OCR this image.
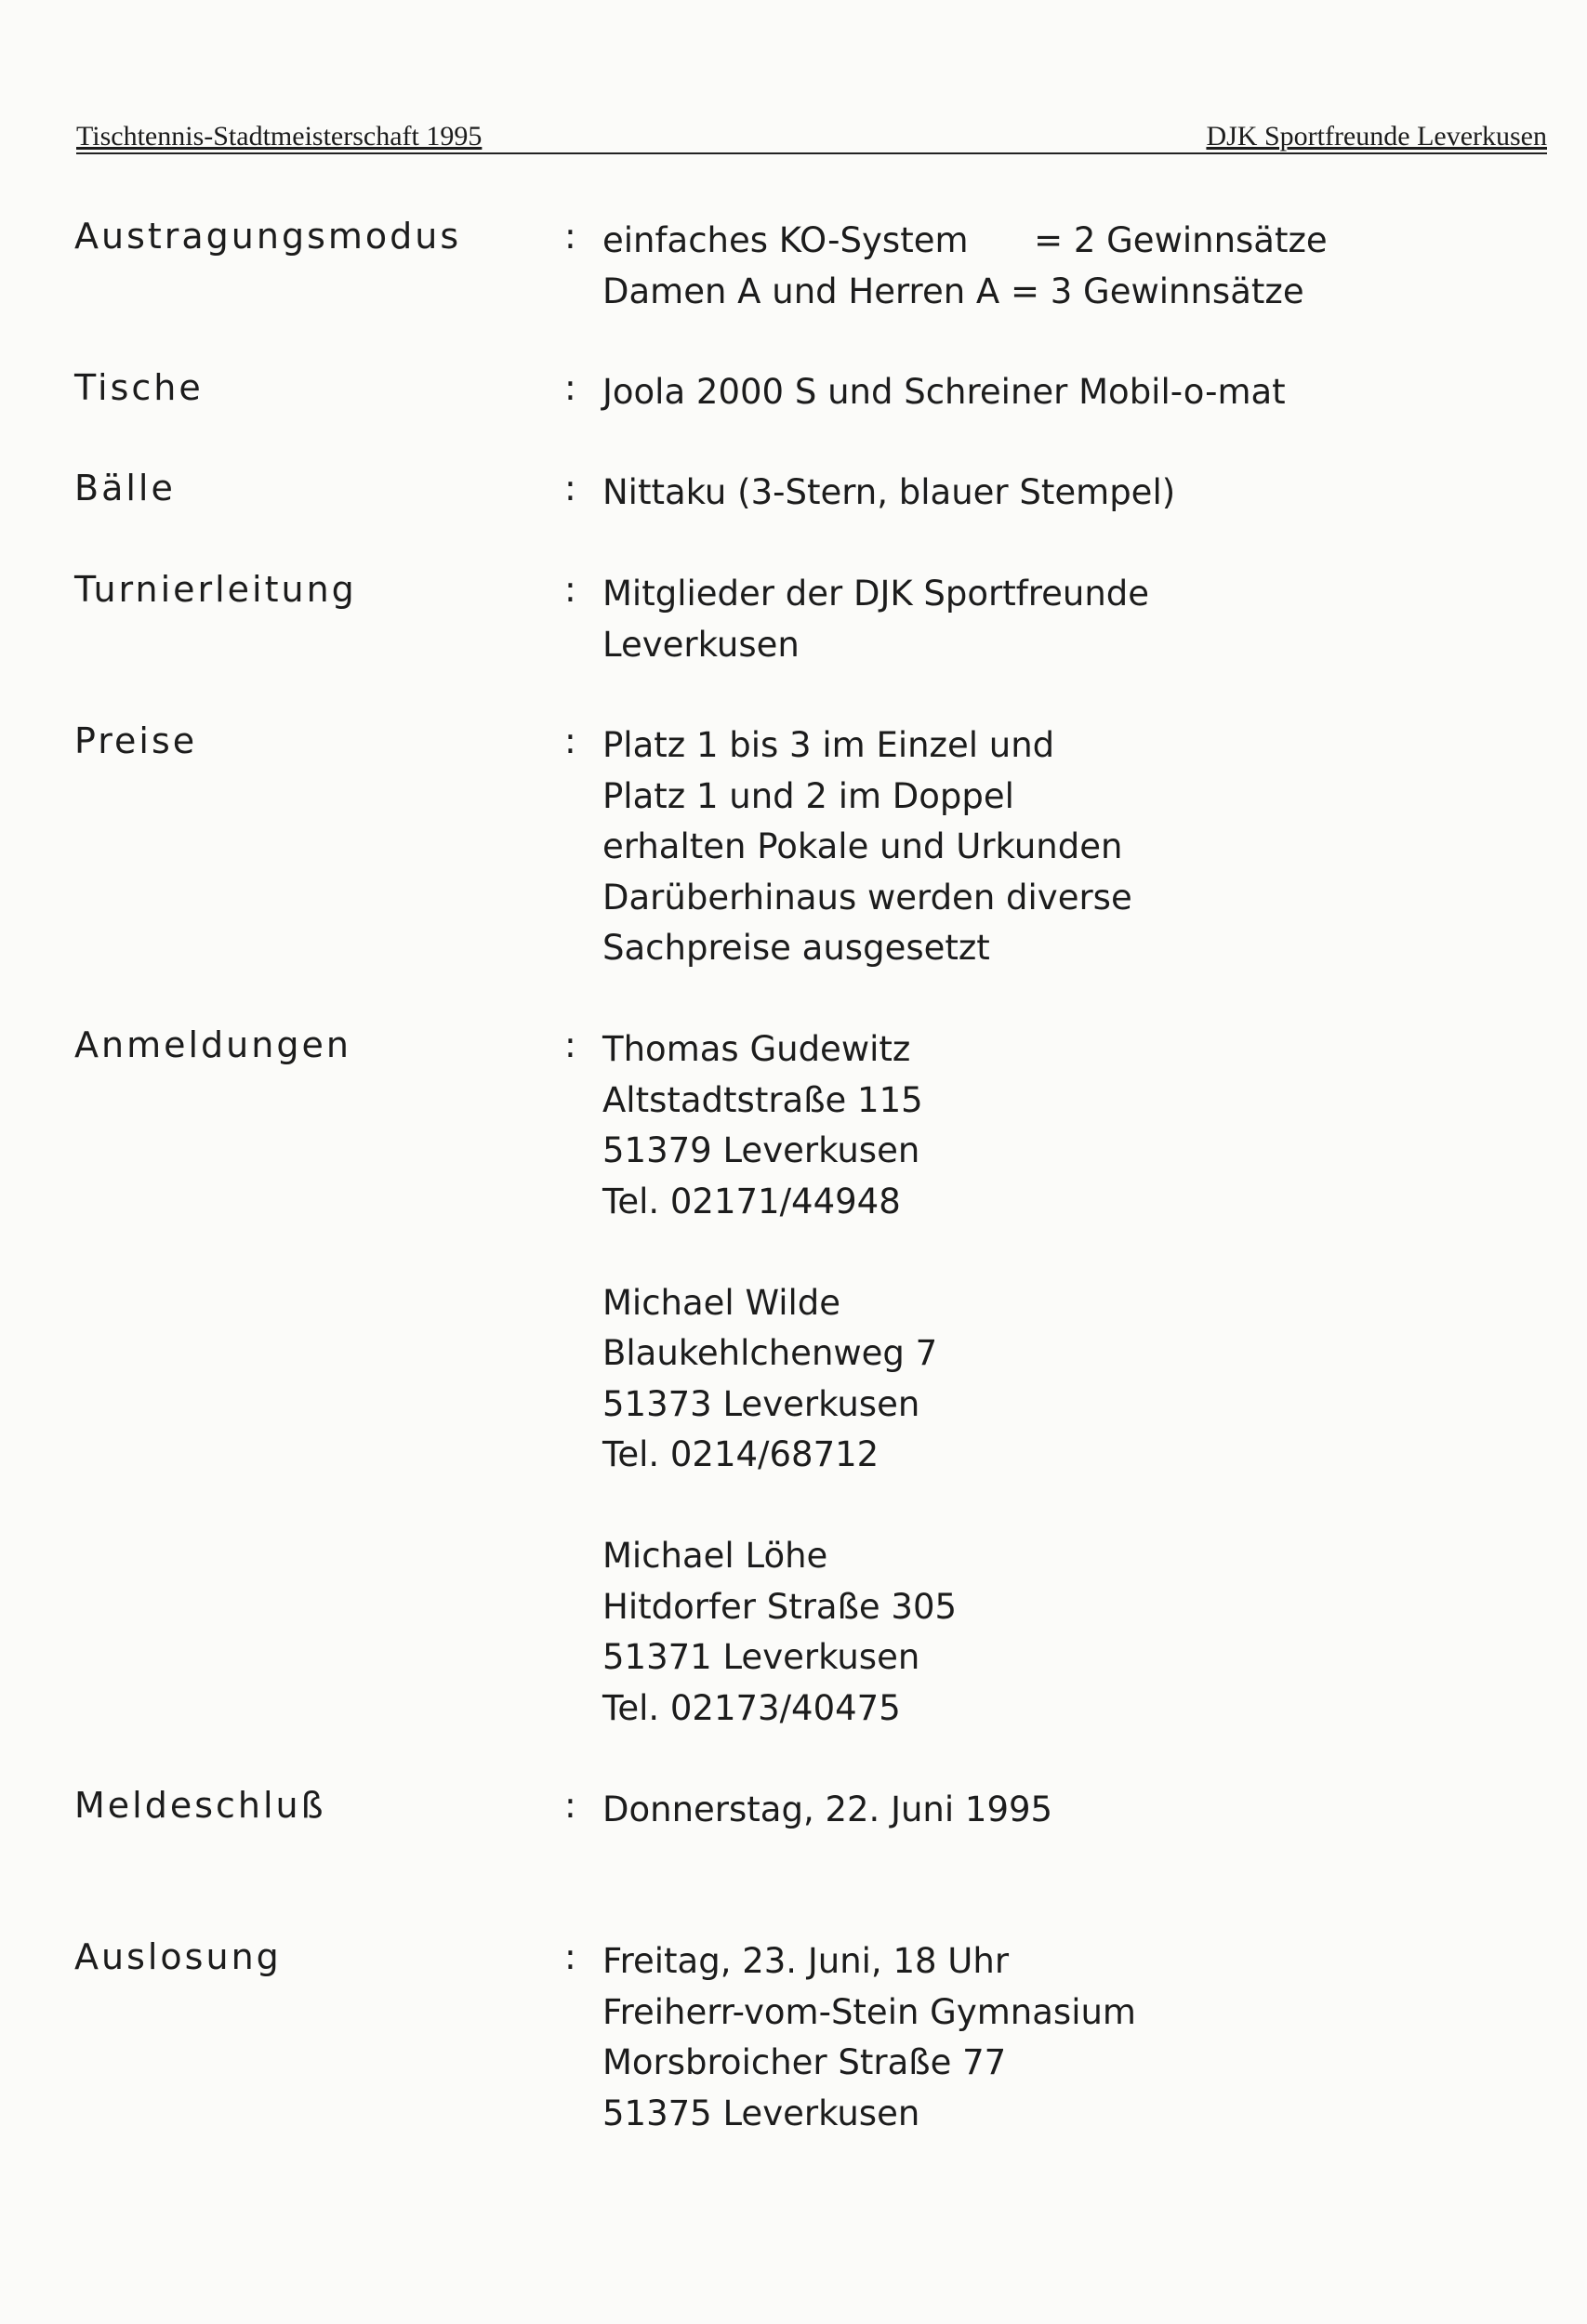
Tischtennis-Stadtmeisterschaft 1995	DJK Sportfreunde Leverkusen
Austragungsmodus	: einfaches KO-System      = 2 Gewinnsätze
Damen A und Herren A = 3 Gewinnsätze
Tische	: Joola 2000 S und Schreiner Mobil-o-mat
Bälle	: Nittaku (3-Stern, blauer Stempel)
Turnierleitung	: Mitglieder der DJK Sportfreunde
Leverkusen
Preise	: Platz 1 bis 3 im Einzel und
Platz 1 und 2 im Doppel
erhalten Pokale und Urkunden
Darüberhinaus werden diverse
Sachpreise ausgesetzt
Anmeldungen	: Thomas Gudewitz
Altstadtstraße 115
51379 Leverkusen
Tel. 02171/44948
Michael Wilde
Blaukehlchenweg 7
51373 Leverkusen
Tel. 0214/68712
Michael Löhe
Hitdorfer Straße 305
51371 Leverkusen
Tel. 02173/40475
Meldeschluß	: Donnerstag, 22. Juni 1995
Auslosung	: Freitag, 23. Juni, 18 Uhr
Freiherr-vom-Stein Gymnasium
Morsbroicher Straße 77
51375 Leverkusen
